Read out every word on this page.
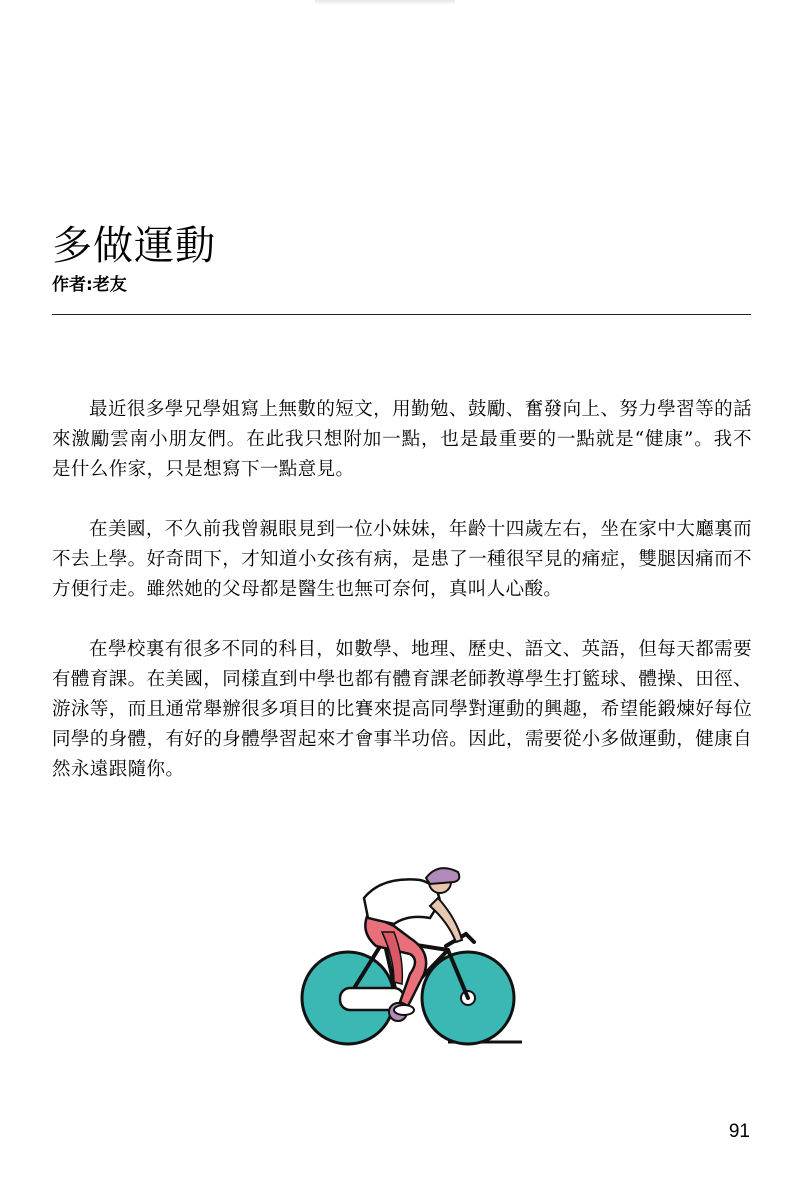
多做運動
作者:老友

最近很多學兄學姐寫上無數的短文，用勤勉、鼓勵、奮發向上、努力學習等的話來激勵雲南小朋友們。在此我只想附加一點，也是最重要的一點就是“健康”。我不是什么作家，只是想寫下一點意見。

在美國，不久前我曾親眼見到一位小妹妹，年齡十四歲左右，坐在家中大廳裏而不去上學。好奇問下，才知道小女孩有病，是患了一種很罕見的痛症，雙腿因痛而不方便行走。雖然她的父母都是醫生也無可奈何，真叫人心酸。

在學校裏有很多不同的科目，如數學、地理、歷史、語文、英語，但每天都需要有體育課。在美國，同樣直到中學也都有體育課老師教導學生打籃球、體操、田徑、游泳等，而且通常舉辦很多項目的比賽來提高同學對運動的興趣，希望能鍛煉好每位同學的身體，有好的身體學習起來才會事半功倍。因此，需要從小多做運動，健康自然永遠跟隨你。

91
